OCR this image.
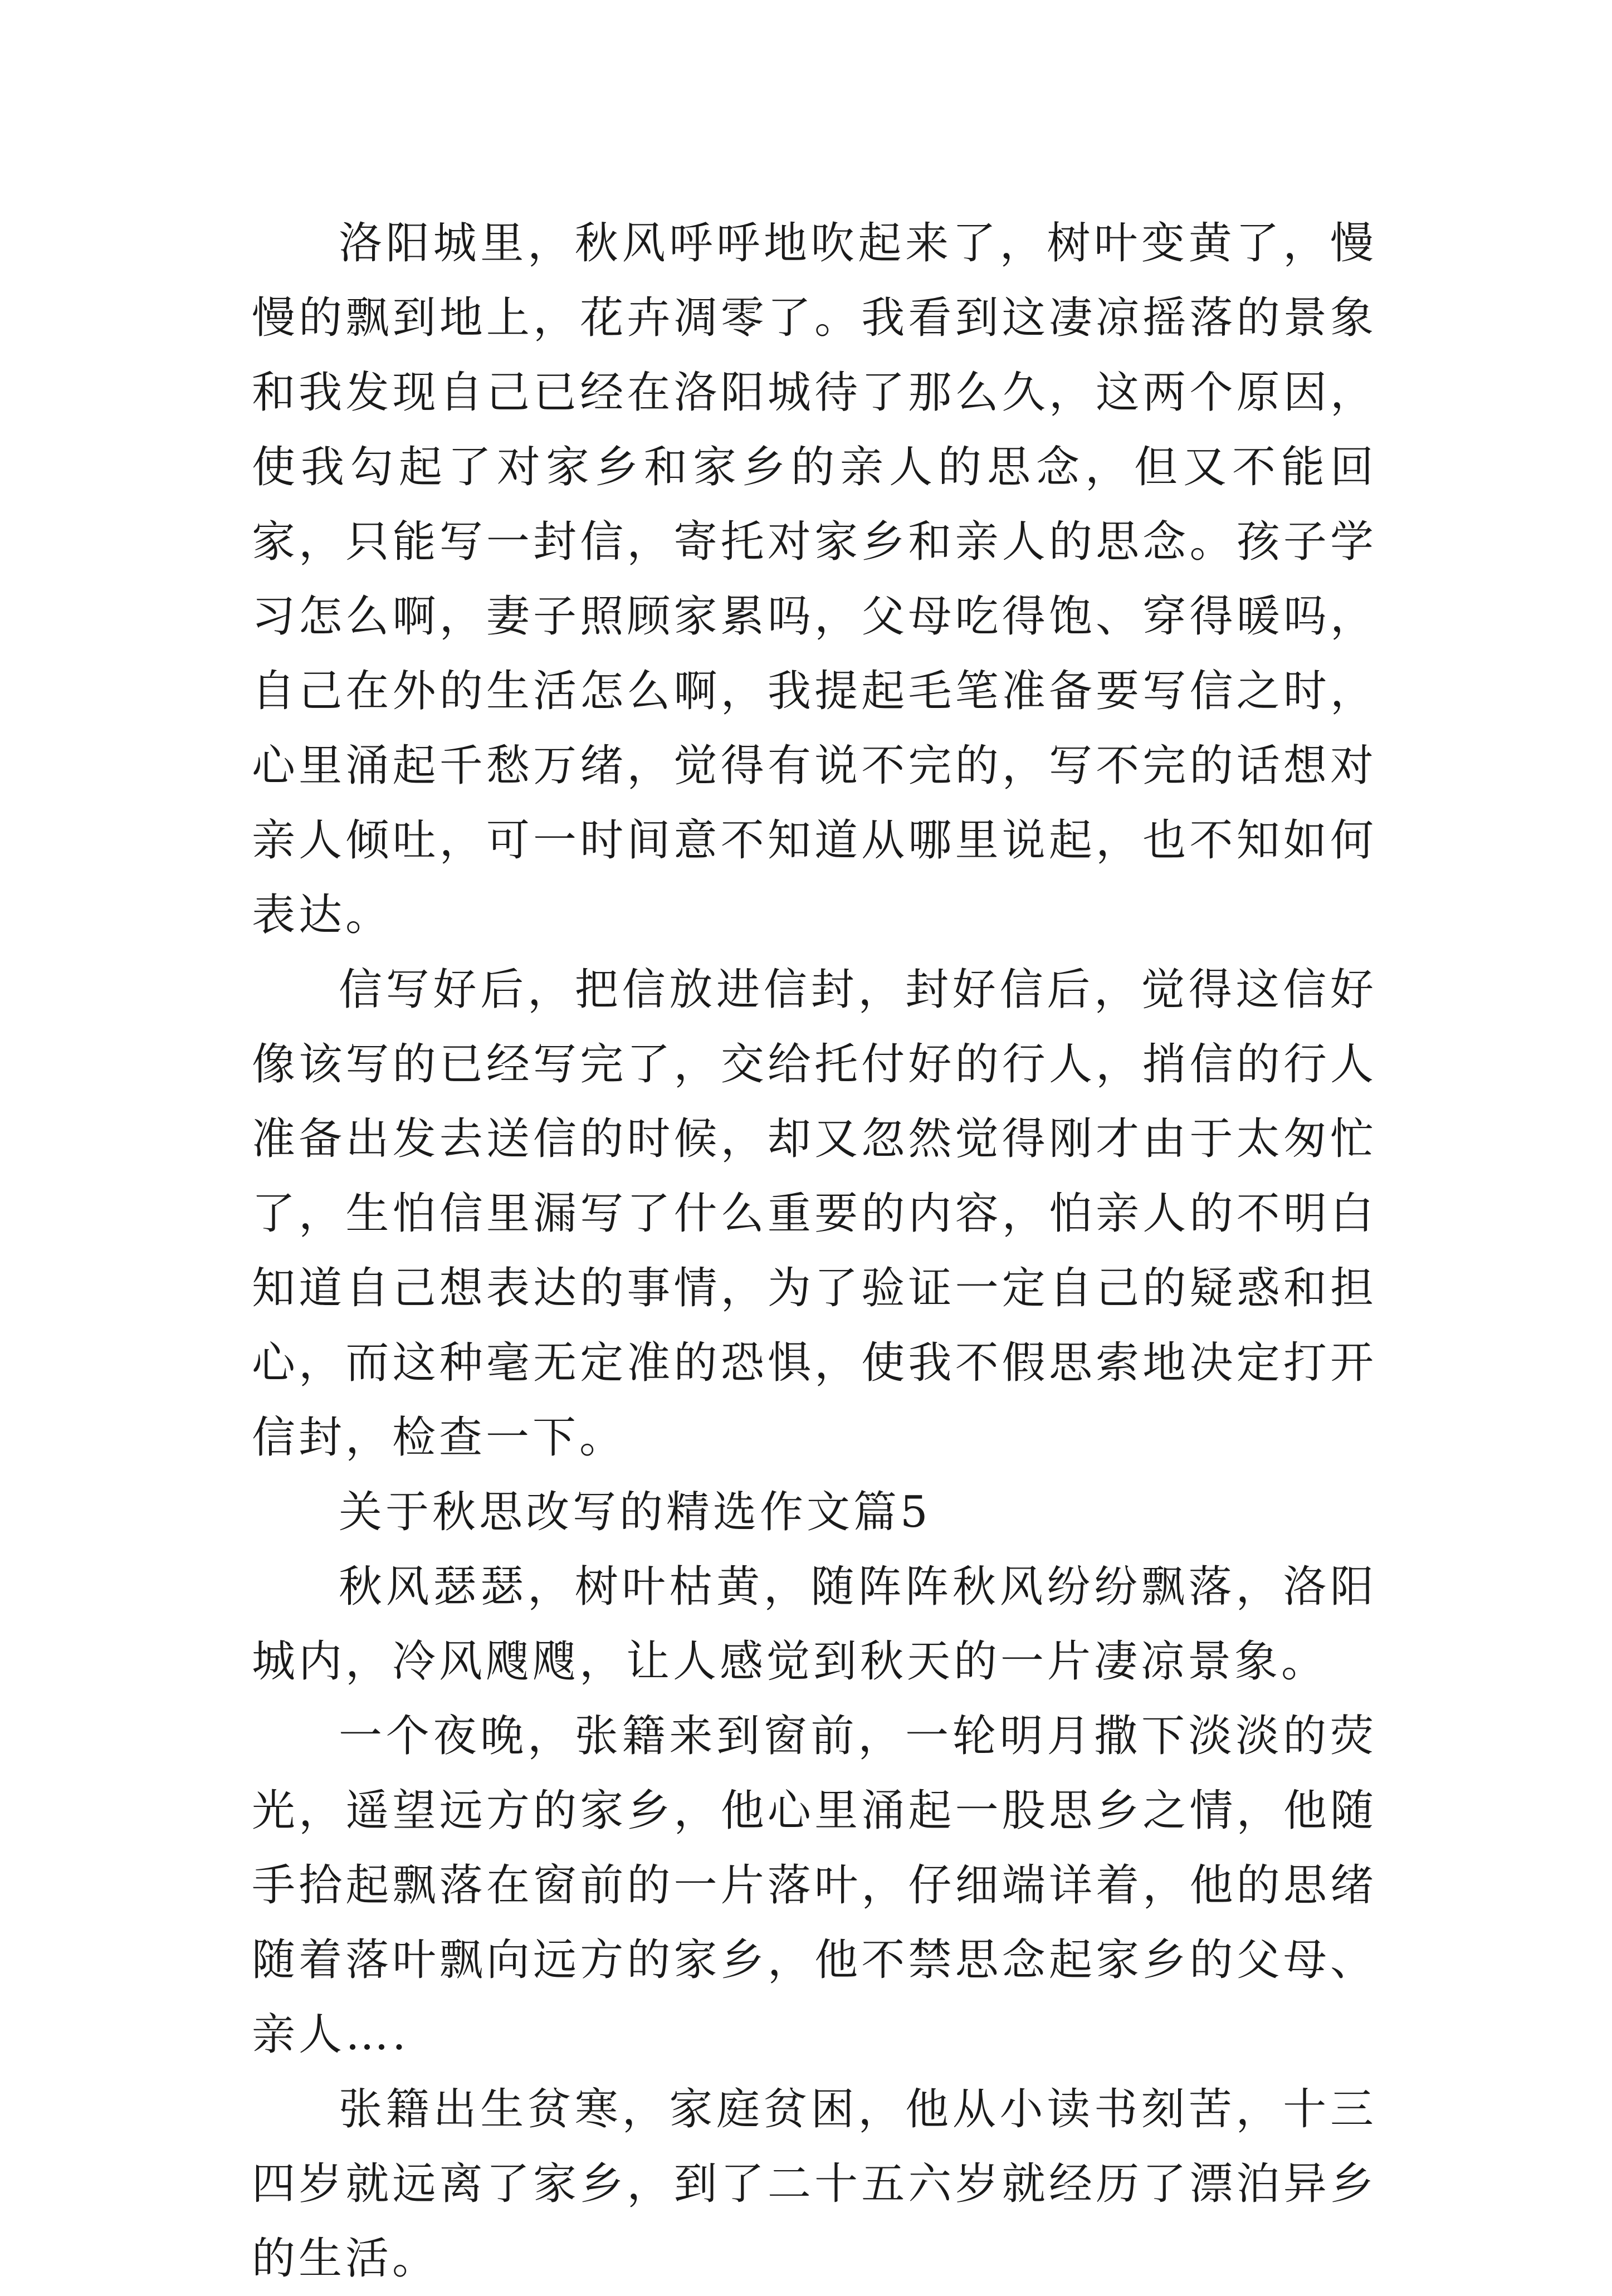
洛阳城里，秋风呼呼地吹起来了，树叶变黄了，慢慢的飘到地上，花卉凋零了。我看到这凄凉摇落的景象和我发现自己已经在洛阳城待了那么久，这两个原因，使我勾起了对家乡和家乡的亲人的思念，但又不能回家，只能写一封信，寄托对家乡和亲人的思念。孩子学习怎么啊，妻子照顾家累吗，父母吃得饱、穿得暖吗，自己在外的生活怎么啊，我提起毛笔准备要写信之时，心里涌起千愁万绪，觉得有说不完的，写不完的话想对亲人倾吐，可一时间意不知道从哪里说起，也不知如何表达。

信写好后，把信放进信封，封好信后，觉得这信好像该写的已经写完了，交给托付好的行人，捎信的行人准备出发去送信的时候，却又忽然觉得刚才由于太匆忙了，生怕信里漏写了什么重要的内容，怕亲人的不明白知道自己想表达的事情，为了验证一定自己的疑惑和担心，而这种毫无定准的恐惧，使我不假思索地决定打开信封，检查一下。

关于秋思改写的精选作文篇5

秋风瑟瑟，树叶枯黄，随阵阵秋风纷纷飘落，洛阳城内，冷风飕飕，让人感觉到秋天的一片凄凉景象。

一个夜晚，张籍来到窗前，一轮明月撒下淡淡的荧光，遥望远方的家乡，他心里涌起一股思乡之情，他随手拾起飘落在窗前的一片落叶，仔细端详着，他的思绪随着落叶飘向远方的家乡，他不禁思念起家乡的父母、亲人….

张籍出生贫寒，家庭贫困，他从小读书刻苦，十三四岁就远离了家乡，到了二十五六岁就经历了漂泊异乡的生活。
